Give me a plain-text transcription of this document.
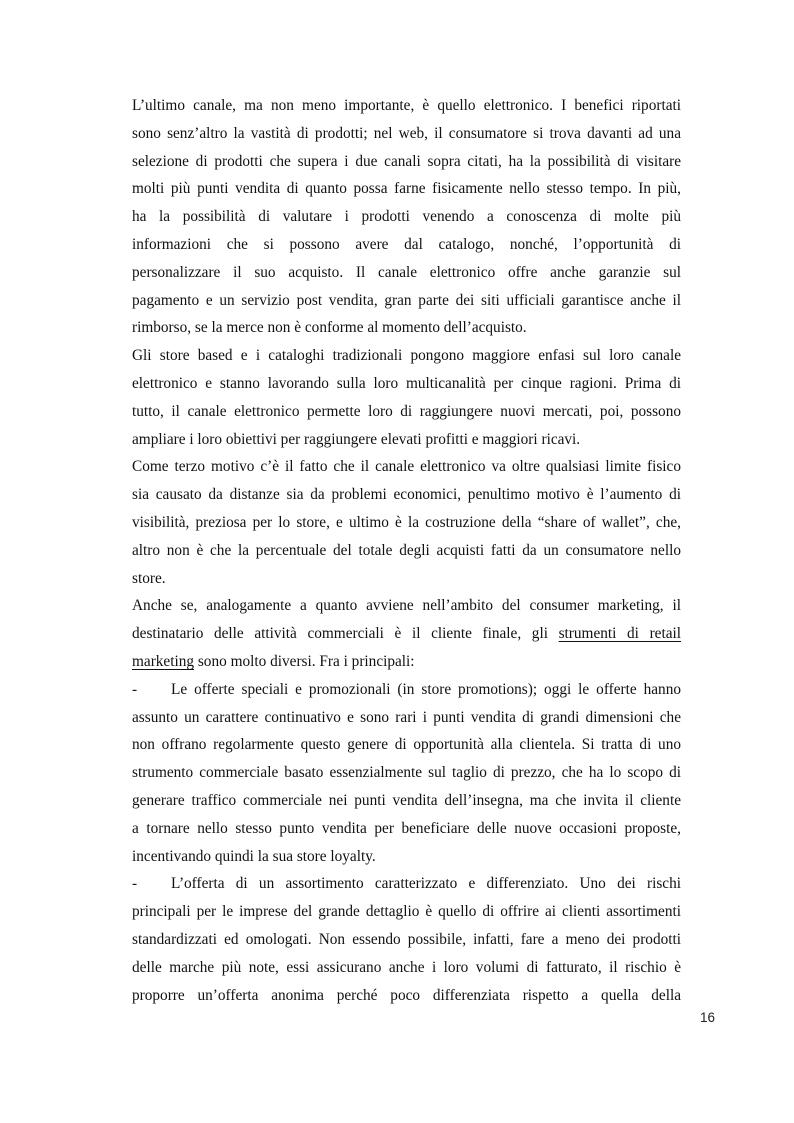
L’ultimo canale, ma non meno importante, è quello elettronico. I benefici riportati
sono senz’altro la vastità di prodotti; nel web, il consumatore si trova davanti ad una
selezione di prodotti che supera i due canali sopra citati, ha la possibilità di visitare
molti più punti vendita di quanto possa farne fisicamente nello stesso tempo. In più,
ha la possibilità di valutare i prodotti venendo a conoscenza di molte più
informazioni che si possono avere dal catalogo, nonché, l’opportunità di
personalizzare il suo acquisto. Il canale elettronico offre anche garanzie sul
pagamento e un servizio post vendita, gran parte dei siti ufficiali garantisce anche il
rimborso, se la merce non è conforme al momento dell’acquisto.
Gli store based e i cataloghi tradizionali pongono maggiore enfasi sul loro canale
elettronico e stanno lavorando sulla loro multicanalità per cinque ragioni. Prima di
tutto, il canale elettronico permette loro di raggiungere nuovi mercati, poi, possono
ampliare i loro obiettivi per raggiungere elevati profitti e maggiori ricavi.
Come terzo motivo c’è il fatto che il canale elettronico va oltre qualsiasi limite fisico
sia causato da distanze sia da problemi economici, penultimo motivo è l’aumento di
visibilità, preziosa per lo store, e ultimo è la costruzione della “share of wallet”, che,
altro non è che la percentuale del totale degli acquisti fatti da un consumatore nello
store.
Anche se, analogamente a quanto avviene nell’ambito del consumer marketing, il
destinatario delle attività commerciali è il cliente finale, gli strumenti di retail
marketing sono molto diversi. Fra i principali:
- Le offerte speciali e promozionali (in store promotions); oggi le offerte hanno
assunto un carattere continuativo e sono rari i punti vendita di grandi dimensioni che
non offrano regolarmente questo genere di opportunità alla clientela. Si tratta di uno
strumento commerciale basato essenzialmente sul taglio di prezzo, che ha lo scopo di
generare traffico commerciale nei punti vendita dell’insegna, ma che invita il cliente
a tornare nello stesso punto vendita per beneficiare delle nuove occasioni proposte,
incentivando quindi la sua store loyalty.
- L’offerta di un assortimento caratterizzato e differenziato. Uno dei rischi
principali per le imprese del grande dettaglio è quello di offrire ai clienti assortimenti
standardizzati ed omologati. Non essendo possibile, infatti, fare a meno dei prodotti
delle marche più note, essi assicurano anche i loro volumi di fatturato, il rischio è
proporre un’offerta anonima perché poco differenziata rispetto a quella della
16
